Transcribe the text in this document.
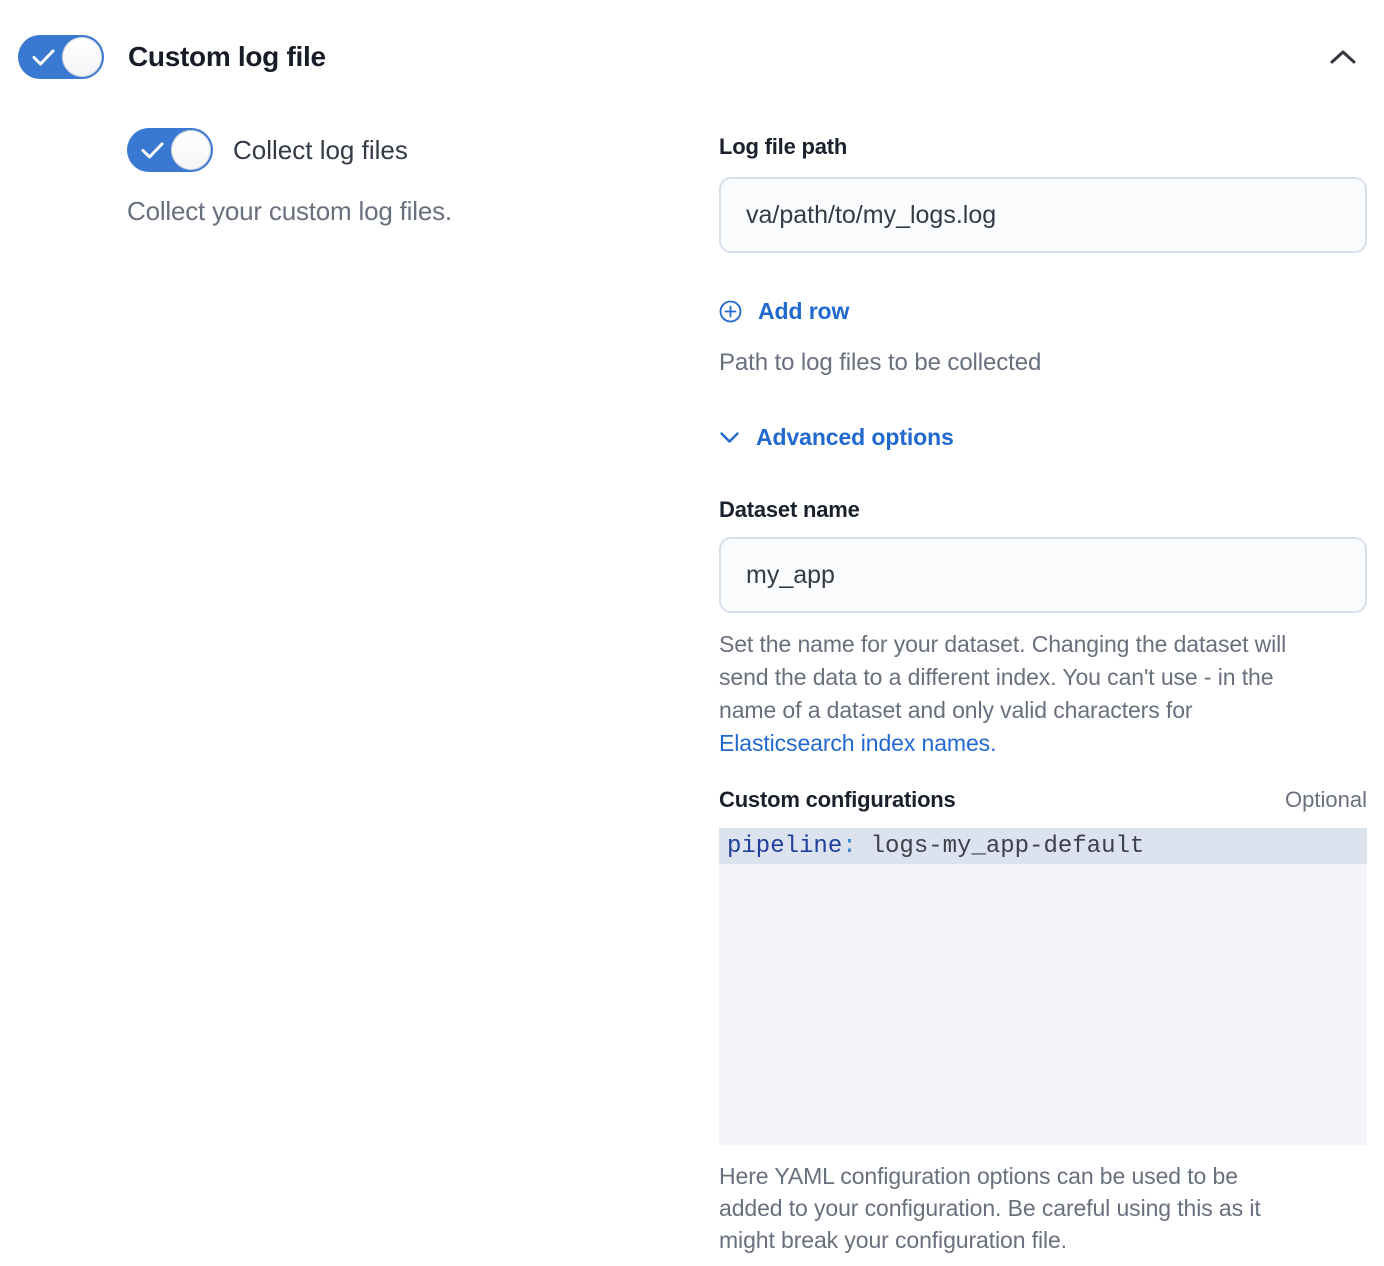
Custom log file
Collect log files
Collect your custom log files.
Log file path
va/path/to/my_logs.log
Add row
Path to log files to be collected
Advanced options
Dataset name
my_app
Set the name for your dataset. Changing the dataset will
send the data to a different index. You can't use - in the
name of a dataset and only valid characters for
Elasticsearch index names.
Custom configurations	Optional
pipeline : logs-my_app-default
Here YAML configuration options can be used to be
added to your configuration. Be careful using this as it
might break your configuration file.
